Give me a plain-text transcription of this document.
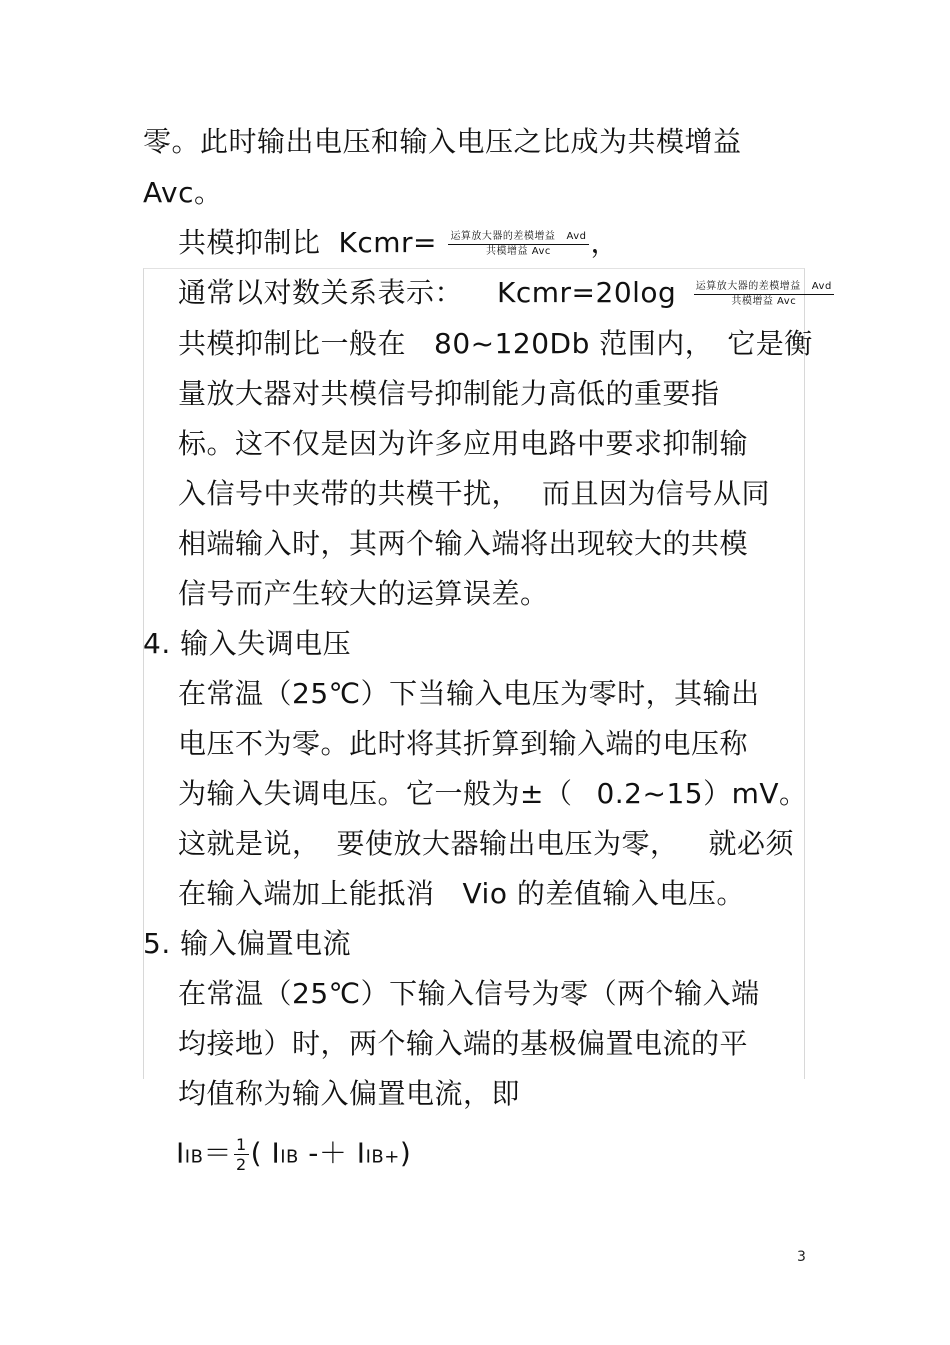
零。此时输出电压和输入电压之比成为共模增益
Avc。
共模抑制比 Kcmr= $\frac{\text{运算放大器的差模增益 Avd}}{\text{共模增益 Avc}}$ ，
通常以对数关系表示： Kcmr=20log $\frac{\text{运算放大器的差模增益 Avd}}{\text{共模增益 Avc}}$
共模抑制比一般在 80~120Db 范围内， 它是衡
量放大器对共模信号抑制能力高低的重要指
标。这不仅是因为许多应用电路中要求抑制输
入信号中夹带的共模干扰， 而且因为信号从同
相端输入时，其两个输入端将出现较大的共模
信号而产生较大的运算误差。
4. 输入失调电压
在常温（25℃）下当输入电压为零时，其输出
电压不为零。此时将其折算到输入端的电压称
为输入失调电压。它一般为±（ 0.2~15）mV。
这就是说， 要使放大器输出电压为零， 就必须
在输入端加上能抵消 Vio 的差值输入电压。
5. 输入偏置电流
在常温（25℃）下输入信号为零（两个输入端
均接地）时，两个输入端的基极偏置电流的平
均值称为输入偏置电流，即
$IIB= \frac{1}{2}$ ( IIB -＋ IIB+)
3
